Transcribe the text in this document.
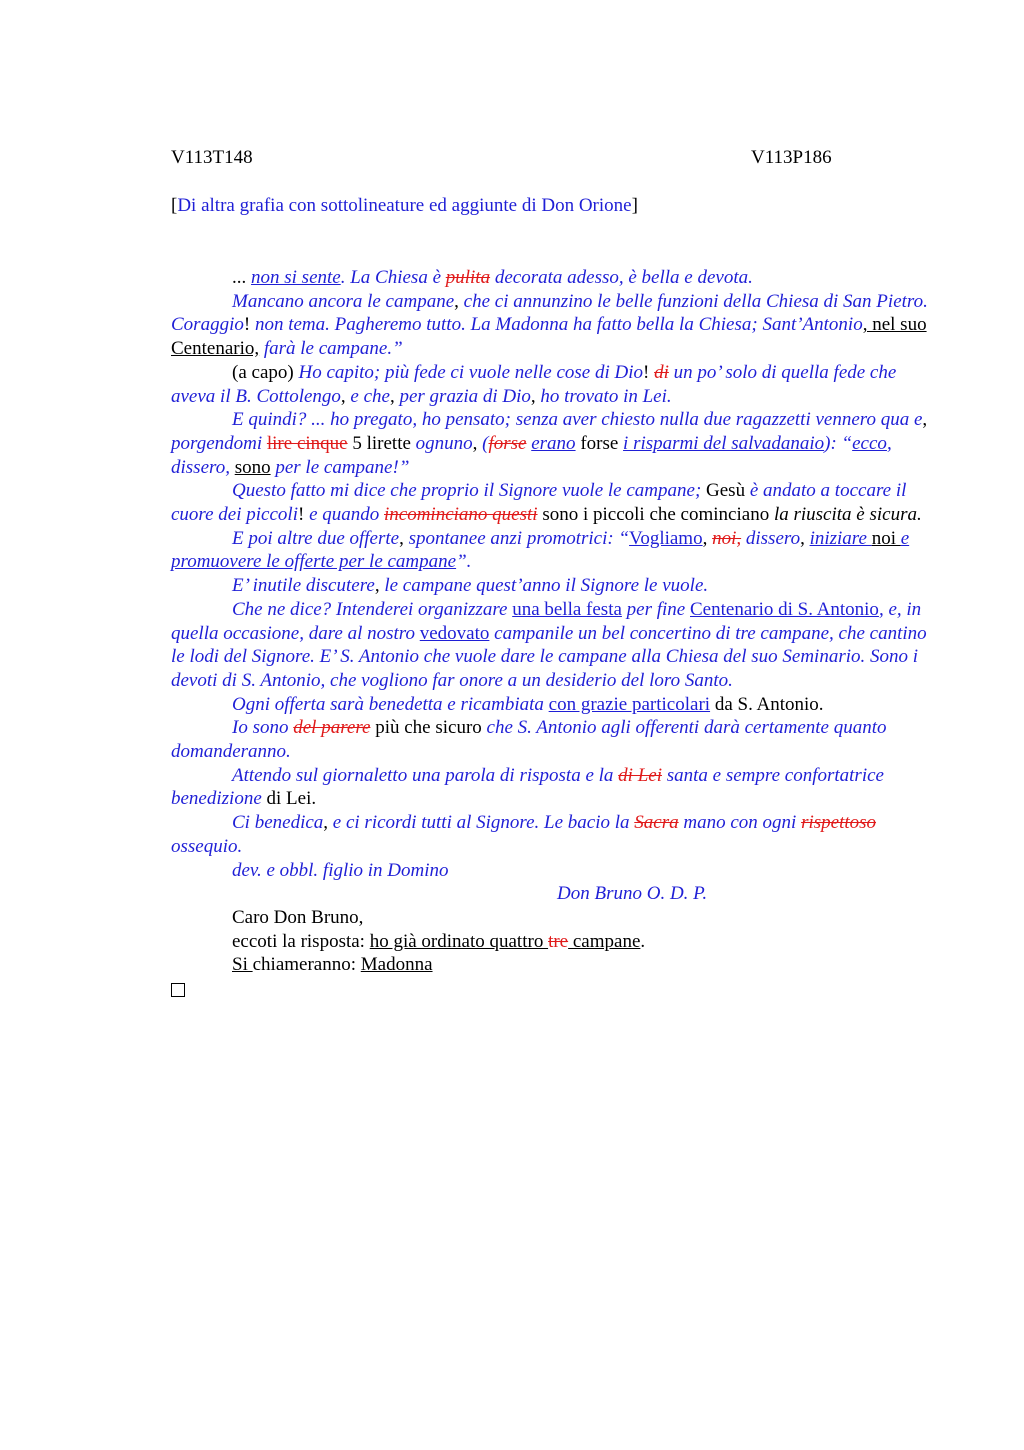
V113T148	V113P186
[Di altra grafia con sottolineature ed aggiunte di Don Orione]

... non si sente. La Chiesa è pulita decorata adesso, è bella e devota.

Mancano ancora le campane, che ci annunzino le belle funzioni della Chiesa di San Pietro. Coraggio! non tema. Pagheremo tutto. La Madonna ha fatto bella la Chiesa; Sant’Antonio, nel suo Centenario, farà le campane.”

(a capo) Ho capito; più fede ci vuole nelle cose di Dio! di un po’ solo di quella fede che aveva il B. Cottolengo, e che, per grazia di Dio, ho trovato in Lei.

E quindi? ... ho pregato, ho pensato; senza aver chiesto nulla due ragazzetti vennero qua e, porgendomi lire cinque 5 lirette ognuno, (forse erano forse i risparmi del salvadanaio): “ecco, dissero, sono per le campane!”

Questo fatto mi dice che proprio il Signore vuole le campane; Gesù è andato a toccare il cuore dei piccoli! e quando incominciano questi sono i piccoli che cominciano la riuscita è sicura.

E poi altre due offerte, spontanee anzi promotrici: “Vogliamo, noi, dissero, iniziare noi e promuovere le offerte per le campane”.

E’ inutile discutere, le campane quest’anno il Signore le vuole.

Che ne dice? Intenderei organizzare una bella festa per fine Centenario di S. Antonio, e, in quella occasione, dare al nostro vedovato campanile un bel concertino di tre campane, che cantino le lodi del Signore. E’ S. Antonio che vuole dare le campane alla Chiesa del suo Seminario. Sono i devoti di S. Antonio, che vogliono far onore a un desiderio del loro Santo.

Ogni offerta sarà benedetta e ricambiata con grazie particolari da S. Antonio.

Io sono del parere più che sicuro che S. Antonio agli offerenti darà certamente quanto domanderanno.

Attendo sul giornaletto una parola di risposta e la di Lei santa e sempre confortatrice benedizione di Lei.

Ci benedica, e ci ricordi tutti al Signore. Le bacio la Sacra mano con ogni rispettoso ossequio.

dev. e obbl. figlio in Domino

Don Bruno O. D. P.

Caro Don Bruno,

eccoti la risposta: ho già ordinato quattro tre campane.

Si chiameranno: Madonna
